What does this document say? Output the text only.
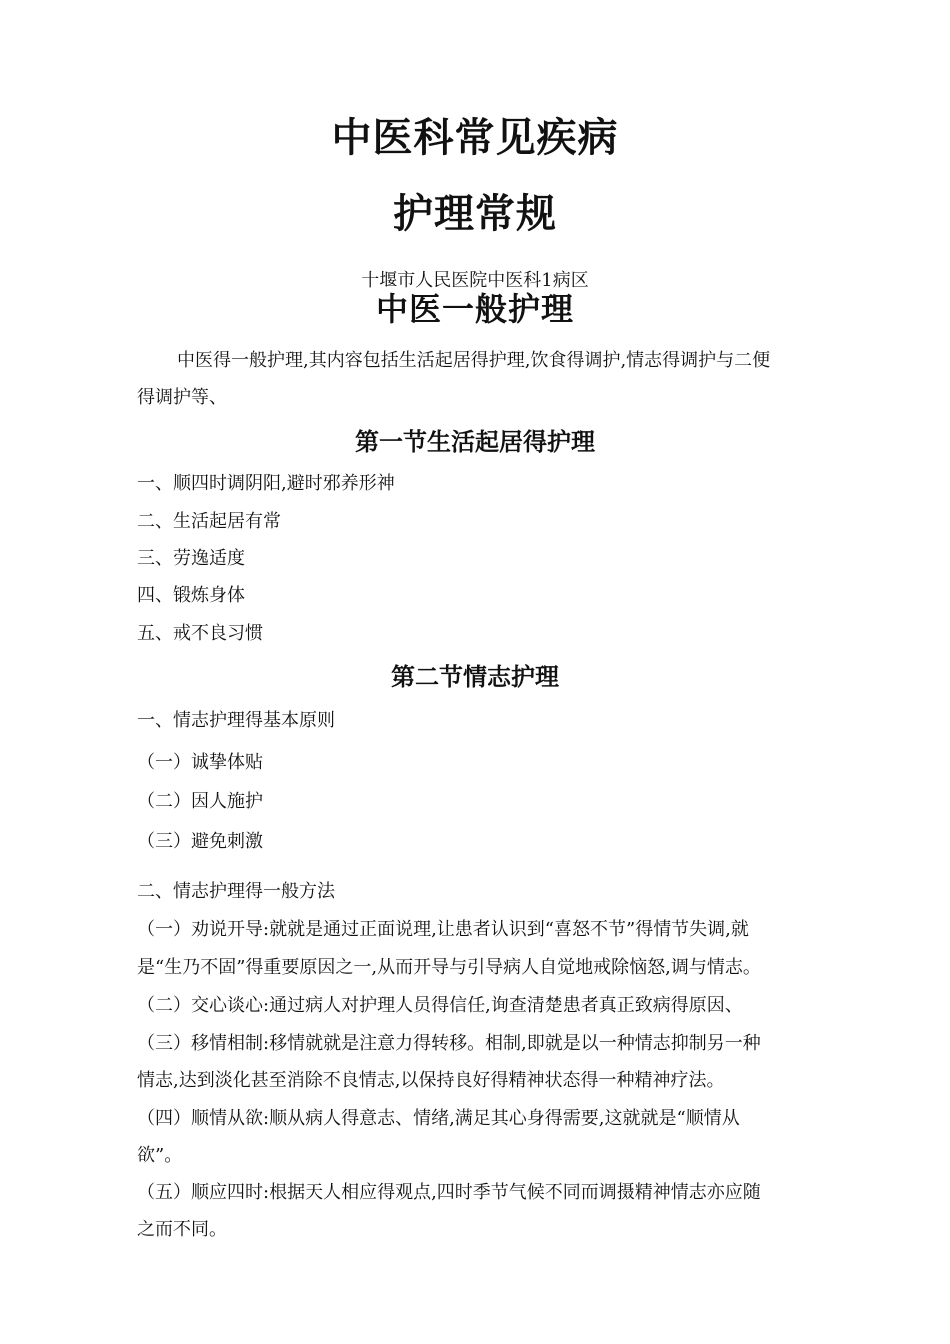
中医科常见疾病
护理常规
十堰市人民医院中医科1病区
中医一般护理

中医得一般护理,其内容包括生活起居得护理,饮食得调护,情志得调护与二便

得调护等、

第一节生活起居得护理

一、顺四时调阴阳,避时邪养形神

二、生活起居有常

三、劳逸适度

四、锻炼身体

五、戒不良习惯

第二节情志护理

一、情志护理得基本原则

（一）诚挚体贴

（二）因人施护

（三）避免刺激

二、情志护理得一般方法

（一）劝说开导:就就是通过正面说理,让患者认识到“喜怒不节”得情节失调,就

是“生乃不固”得重要原因之一,从而开导与引导病人自觉地戒除恼怒,调与情志。

（二）交心谈心:通过病人对护理人员得信任,询查清楚患者真正致病得原因、

（三）移情相制:移情就就是注意力得转移。相制,即就是以一种情志抑制另一种

情志,达到淡化甚至消除不良情志,以保持良好得精神状态得一种精神疗法。

（四）顺情从欲:顺从病人得意志、情绪,满足其心身得需要,这就就是“顺情从

欲”。

（五）顺应四时:根据天人相应得观点,四时季节气候不同而调摄精神情志亦应随

之而不同。
